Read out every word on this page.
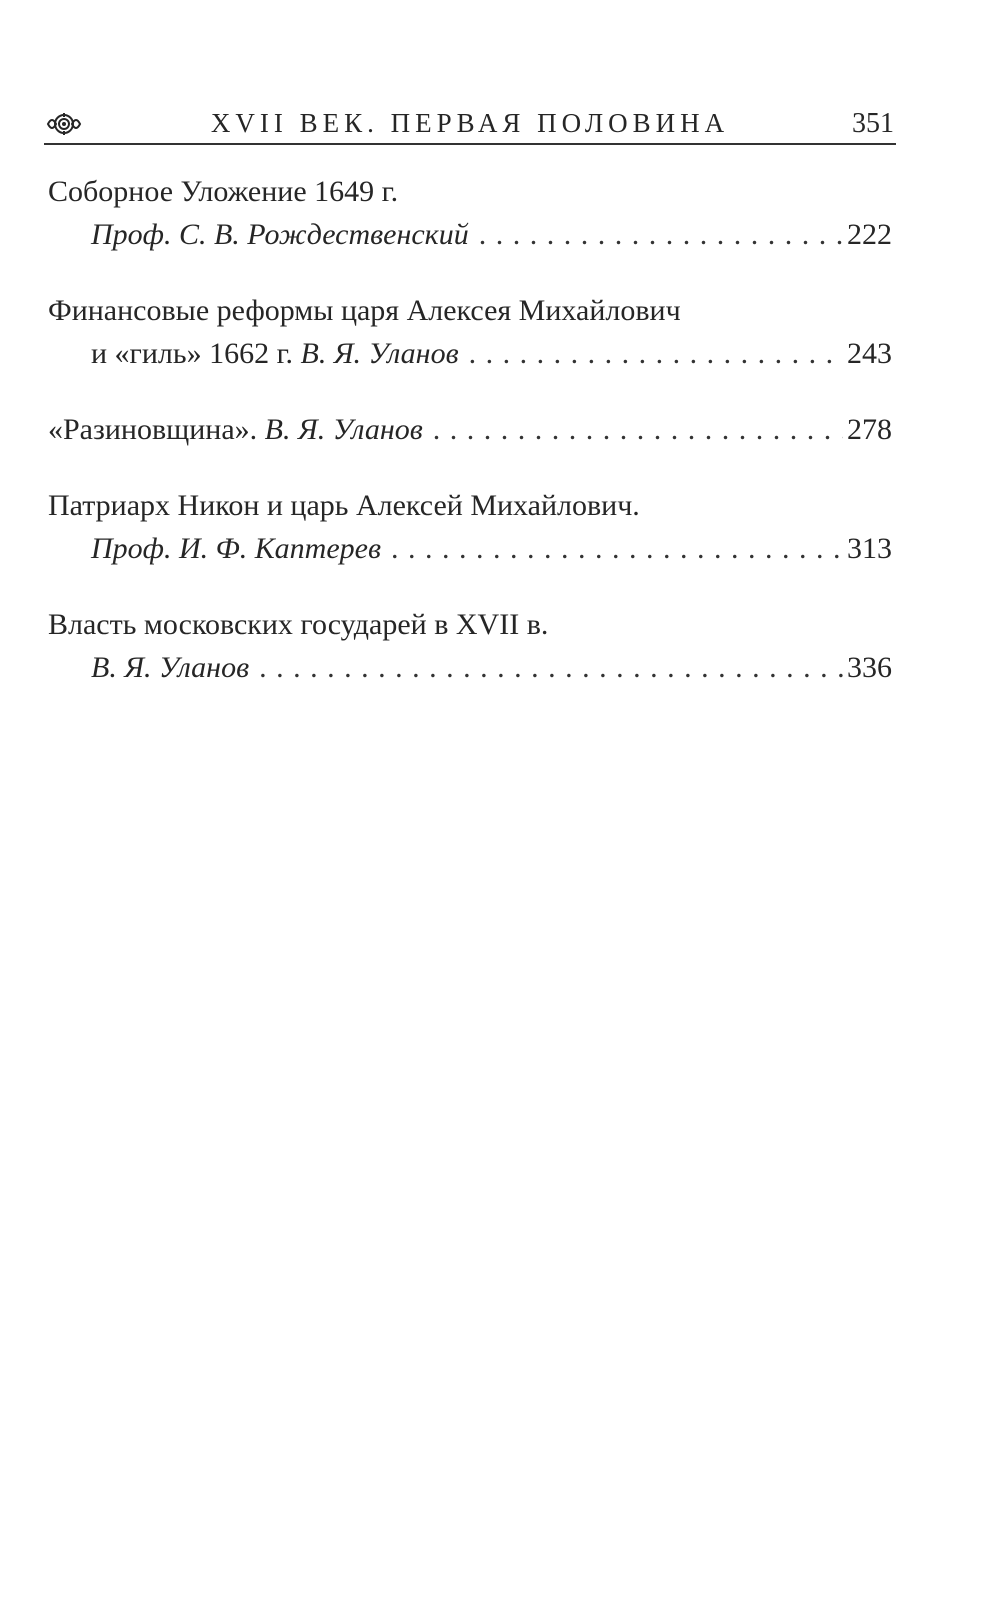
XVII ВЕК. ПЕРВАЯ ПОЛОВИНА	351
Соборное Уложение 1649 г.
Проф. С. В. Рождественский . . .	222
Финансовые реформы царя Алексея Михайлович
и «гиль» 1662 г.
В. Я. Уланов . . .	243
«Разиновщина».
В. Я. Уланов . . .	278
Патриарх Никон и царь Алексей Михайлович.
Проф. И. Ф. Каптерев . . .	313
Власть московских государей в XVII в.
В. Я. Уланов . . .	336
